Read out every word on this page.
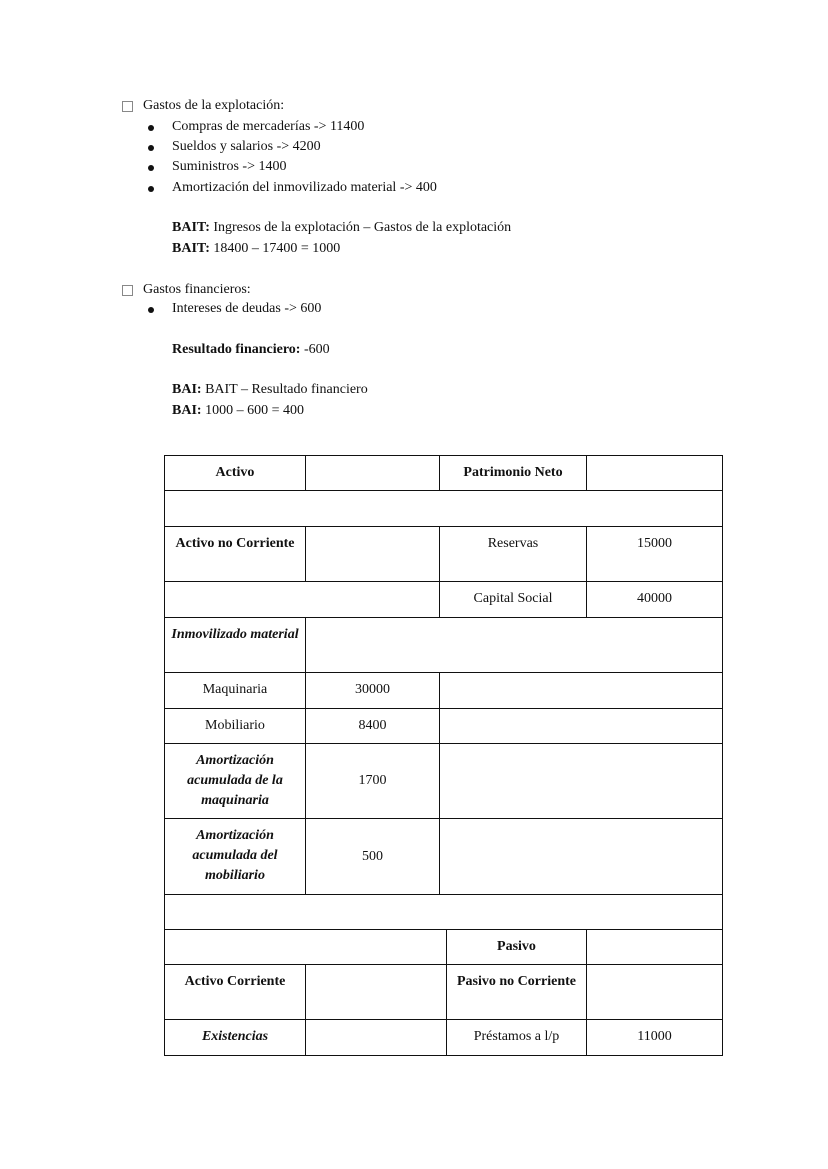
Gastos de la explotación:
Compras de mercaderías -> 11400
Sueldos y salarios -> 4200
Suministros -> 1400
Amortización del inmovilizado material -> 400
BAIT: Ingresos de la explotación – Gastos de la explotación
BAIT: 18400 – 17400 = 1000
Gastos financieros:
Intereses de deudas -> 600
Resultado financiero: -600
BAI: BAIT – Resultado financiero
BAI: 1000 – 600 = 400
Activo		Patrimonio Neto		

Activo no Corriente		Reservas		15000
		Capital Social		40000
Inmovilizado material				
Maquinaria	30000			
Mobiliario	8400			
Amortización acumulada de la maquinaria	1700			
Amortización acumulada del mobiliario	500			

			Pasivo	
Activo Corriente			Pasivo no Corriente	
Existencias			Préstamos a l/p	11000
